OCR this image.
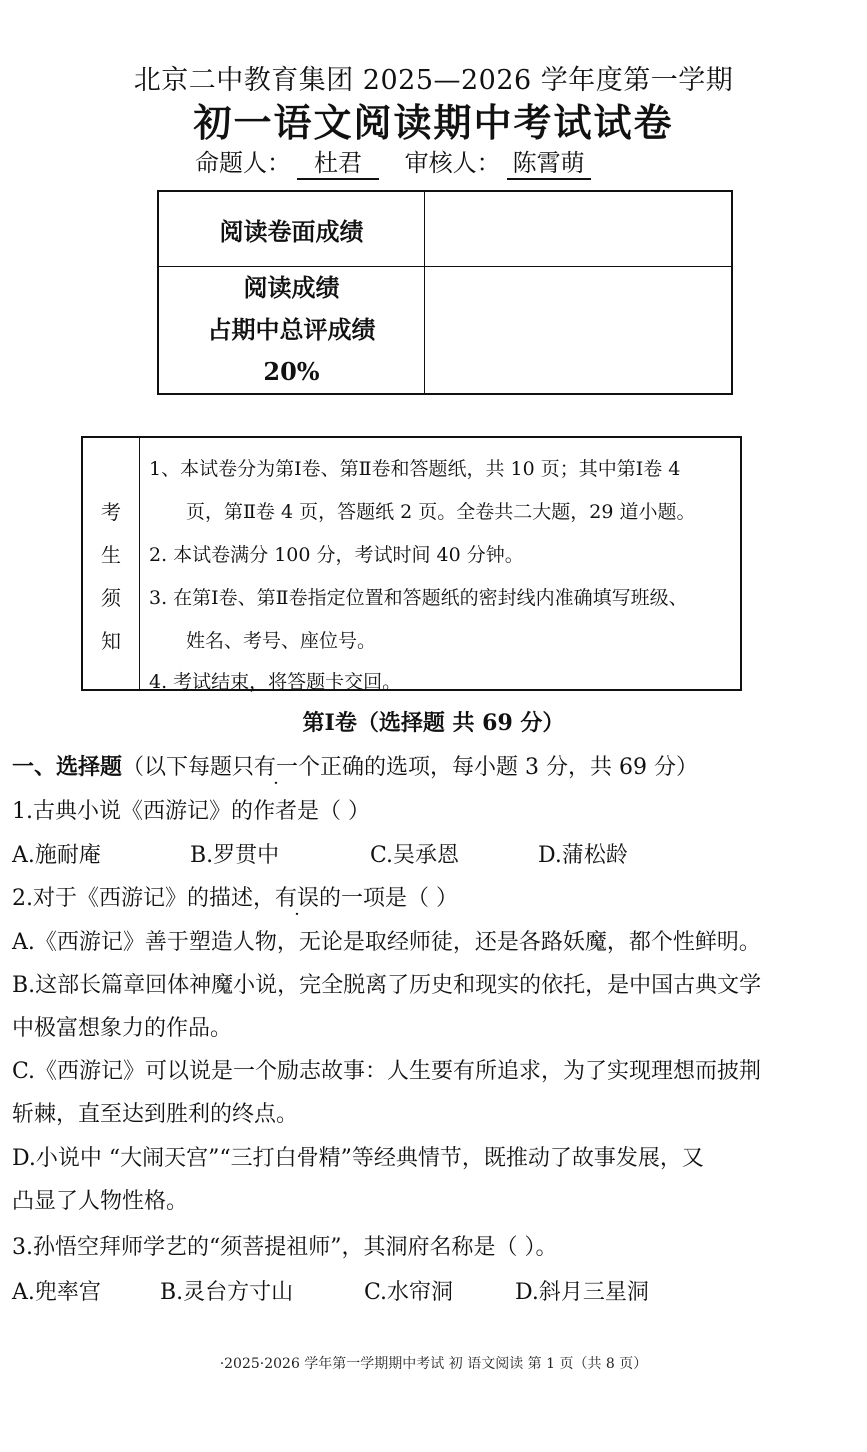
北京二中教育集团 2025—2026 学年度第一学期
初一语文阅读期中考试试卷
命题人： 杜君 审核人： 陈霄萌
阅读卷面成绩	

阅读成绩
占期中总评成绩
20%	

考
生
须
知
1、本试卷分为第Ⅰ卷、第Ⅱ卷和答题纸，共 10 页；其中第Ⅰ卷 4
页，第Ⅱ卷 4 页，答题纸 2 页。全卷共二大题，29 道小题。
2. 本试卷满分 100 分，考试时间 40 分钟。
3. 在第Ⅰ卷、第Ⅱ卷指定位置和答题纸的密封线内准确填写班级、
姓名、考号、座位号。
4. 考试结束，将答题卡交回。
第Ⅰ卷（选择题 共 69 分）
一、选择题（以下每题只有一个正确的选项，每小题 3 分，共 69 分）
1.古典小说《西游记》的作者是（ ）
A.施耐庵	B.罗贯中	C.吴承恩	D.蒲松龄
2.对于《西游记》的描述，有误的一项是（ ）
A.《西游记》善于塑造人物，无论是取经师徒，还是各路妖魔，都个性鲜明。
B.这部长篇章回体神魔小说，完全脱离了历史和现实的依托，是中国古典文学
中极富想象力的作品。
C.《西游记》可以说是一个励志故事：人生要有所追求，为了实现理想而披荆
斩棘，直至达到胜利的终点。
D.小说中 “大闹天宫”“三打白骨精”等经典情节，既推动了故事发展，又
凸显了人物性格。
3.孙悟空拜师学艺的“须菩提祖师”，其洞府名称是（ ）。
A.兜率宫	B.灵台方寸山	C.水帘洞	D.斜月三星洞
·2025·2026 学年第一学期期中考试 初 语文阅读 第 1 页（共 8 页）
